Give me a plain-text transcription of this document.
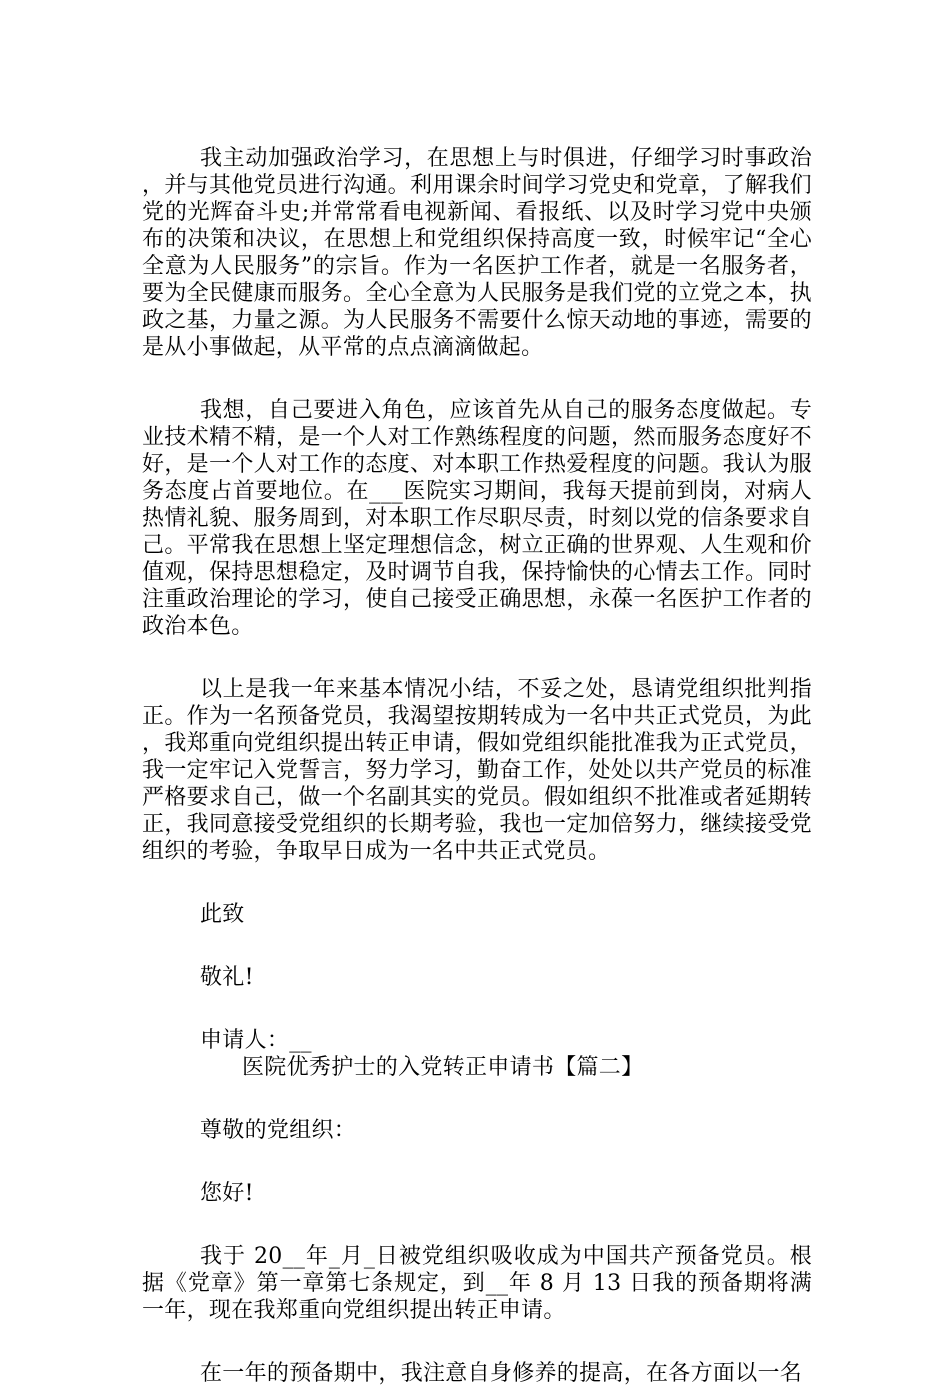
我主动加强政治学习，在思想上与时俱进，仔细学习时事政治，并与其他党员进行沟通。利用课余时间学习党史和党章，了解我们党的光辉奋斗史;并常常看电视新闻、看报纸、以及时学习党中央颁布的决策和决议，在思想上和党组织保持高度一致，时候牢记“全心全意为人民服务”的宗旨。作为一名医护工作者，就是一名服务者，要为全民健康而服务。全心全意为人民服务是我们党的立党之本，执政之基，力量之源。为人民服务不需要什么惊天动地的事迹，需要的是从小事做起，从平常的点点滴滴做起。

我想，自己要进入角色，应该首先从自己的服务态度做起。专业技术精不精，是一个人对工作熟练程度的问题，然而服务态度好不好，是一个人对工作的态度、对本职工作热爱程度的问题。我认为服务态度占首要地位。在___医院实习期间，我每天提前到岗，对病人热情礼貌、服务周到，对本职工作尽职尽责，时刻以党的信条要求自己。平常我在思想上坚定理想信念，树立正确的世界观、人生观和价值观，保持思想稳定，及时调节自我，保持愉快的心情去工作。同时注重政治理论的学习，使自己接受正确思想，永葆一名医护工作者的政治本色。

以上是我一年来基本情况小结，不妥之处，恳请党组织批判指正。作为一名预备党员，我渴望按期转成为一名中共正式党员，为此，我郑重向党组织提出转正申请，假如党组织能批准我为正式党员，我一定牢记入党誓言，努力学习，勤奋工作，处处以共产党员的标准严格要求自己，做一个名副其实的党员。假如组织不批准或者延期转正，我同意接受党组织的长期考验，我也一定加倍努力，继续接受党组织的考验，争取早日成为一名中共正式党员。

此致

敬礼!

申请人：__

医院优秀护士的入党转正申请书【篇二】

尊敬的党组织：

您好!

我于 20__年_月_日被党组织吸收成为中国共产预备党员。根据《党章》第一章第七条规定，到__年 8 月 13 日我的预备期将满一年，现在我郑重向党组织提出转正申请。

在一年的预备期中，我注意自身修养的提高，在各方面以一名
